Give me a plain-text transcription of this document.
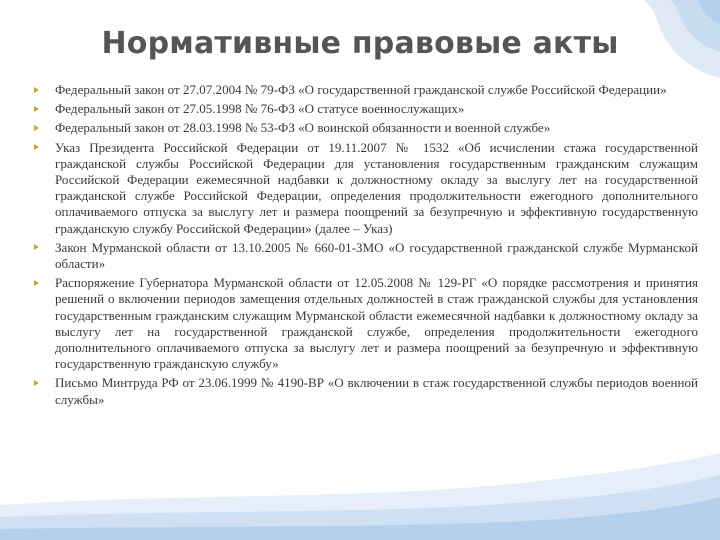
Нормативные правовые акты
Федеральный закон от 27.07.2004 № 79-ФЗ «О государственной гражданской службе Российской Федерации»
Федеральный закон от 27.05.1998 № 76-ФЗ «О статусе военнослужащих»
Федеральный закон от 28.03.1998 № 53-ФЗ «О воинской обязанности и военной службе»
Указ Президента Российской Федерации от 19.11.2007 № 1532 «Об исчислении стажа государственной гражданской службы Российской Федерации для установления государственным гражданским служащим Российской Федерации ежемесячной надбавки к должностному окладу за выслугу лет на государственной гражданской службе Российской Федерации, определения продолжительности ежегодного дополнительного оплачиваемого отпуска за выслугу лет и размера поощрений за безупречную и эффективную государственную гражданскую службу Российской Федерации» (далее – Указ)
Закон Мурманской области от 13.10.2005 № 660-01-ЗМО «О государственной гражданской службе Мурманской области»
Распоряжение Губернатора Мурманской области от 12.05.2008 № 129-РГ «О порядке рассмотрения и принятия решений о включении периодов замещения отдельных должностей в стаж гражданской службы для установления государственным гражданским служащим Мурманской области ежемесячной надбавки к должностному окладу за выслугу лет на государственной гражданской службе, определения продолжительности ежегодного дополнительного оплачиваемого отпуска за выслугу лет и размера поощрений за безупречную и эффективную государственную гражданскую службу»
Письмо Минтруда РФ от 23.06.1999 № 4190-ВР «О включении в стаж государственной службы периодов военной службы»
